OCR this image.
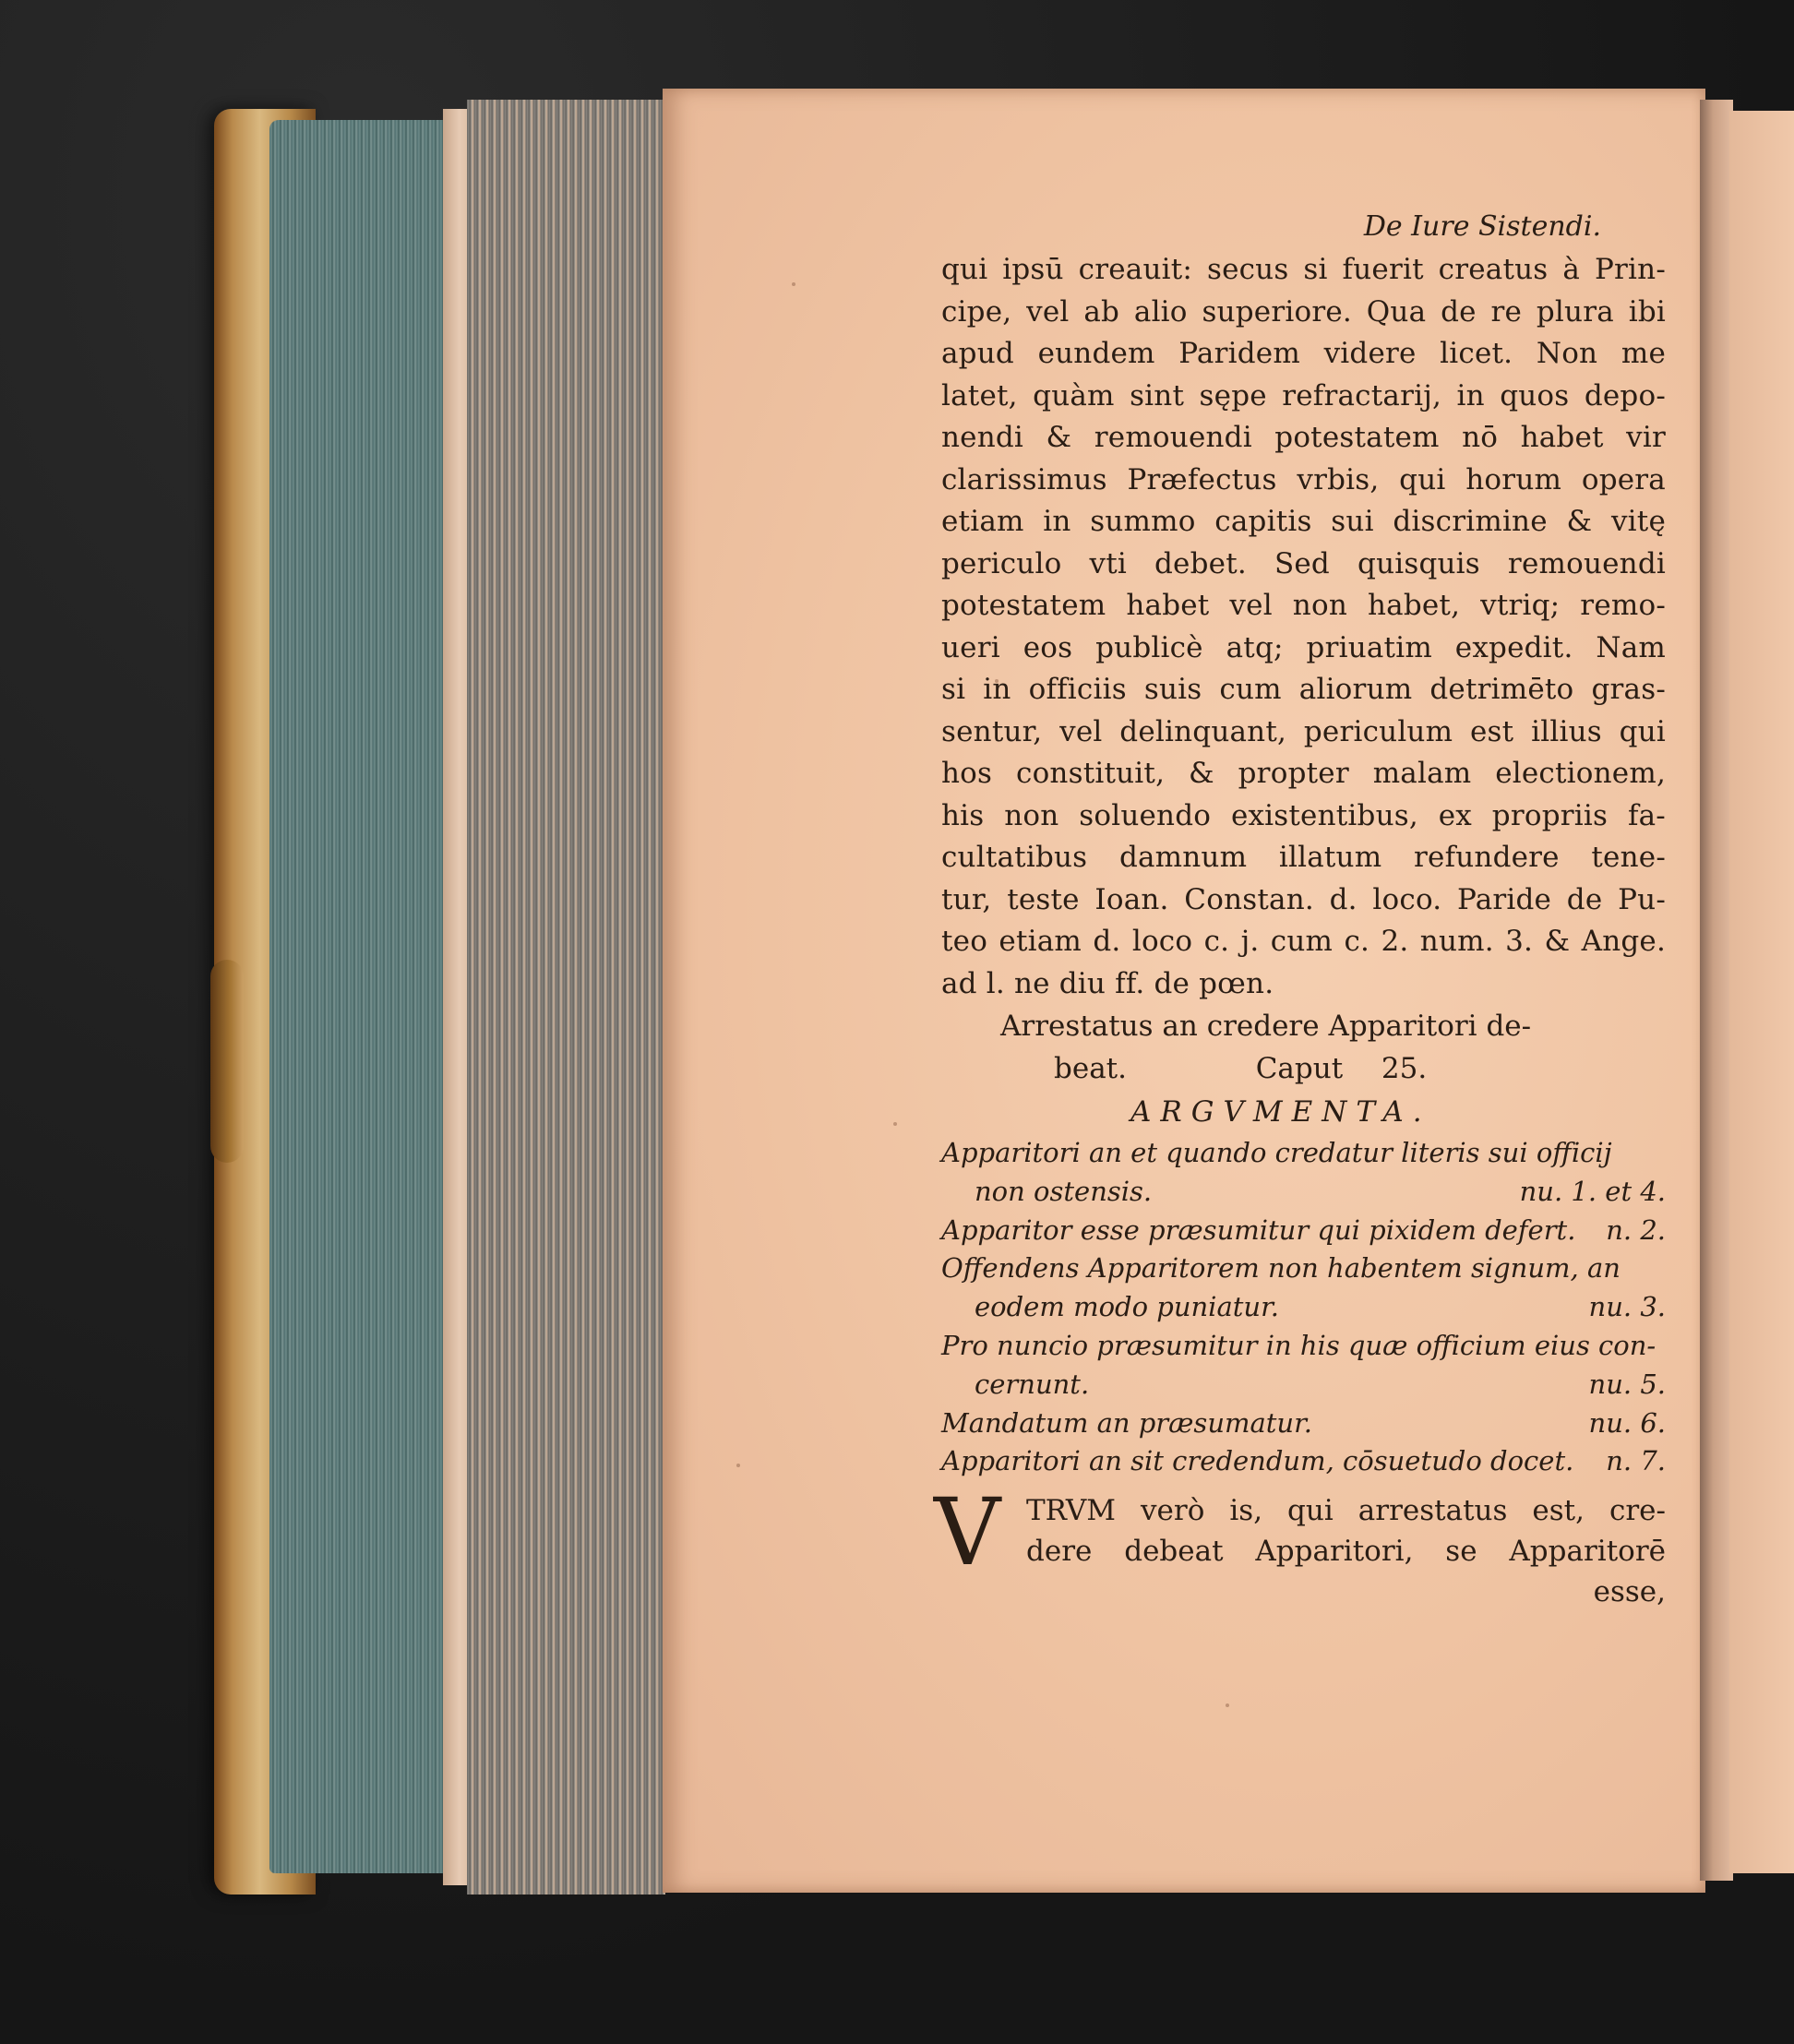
De Iure Sistendi.
qui ipsū creauit: secus si fuerit creatus à Prin-
cipe, vel ab alio superiore. Qua de re plura ibi
apud eundem Paridem videre licet. Non me
latet, quàm sint sępe refractarij, in quos depo-
nendi & remouendi potestatem nō habet vir
clarissimus Præfectus vrbis, qui horum opera
etiam in summo capitis sui discrimine & vitę
periculo vti debet. Sed quisquis remouendi
potestatem habet vel non habet, vtriq; remo-
ueri eos publicè atq; priuatim expedit. Nam
si in officiis suis cum aliorum detrimēto gras-
sentur, vel delinquant, periculum est illius qui
hos constituit, & propter malam electionem,
his non soluendo existentibus, ex propriis fa-
cultatibus damnum illatum refundere tene-
tur, teste Ioan. Constan. d. loco. Paride de Pu-
teo etiam d. loco c. j. cum c. 2. num. 3. & Ange.
ad l. ne diu ff. de pœn.
Arrestatus an credere Apparitori de-
beat.	Caput 25.
ARGVMENTA.
Apparitori an et quando credatur literis sui officij
non ostensis.	nu. 1. et 4.
Apparitor esse præsumitur qui pixidem defert. n. 2.
Offendens Apparitorem non habentem signum, an
eodem modo puniatur.	nu. 3.
Pro nuncio præsumitur in his quæ officium eius con-
cernunt.	nu. 5.
Mandatum an præsumatur.	nu. 6.
Apparitori an sit credendum, cōsuetudo docet. n. 7.
V TRVM verò is, qui arrestatus est, cre-
dere debeat Apparitori, se Apparitorē
esse,
